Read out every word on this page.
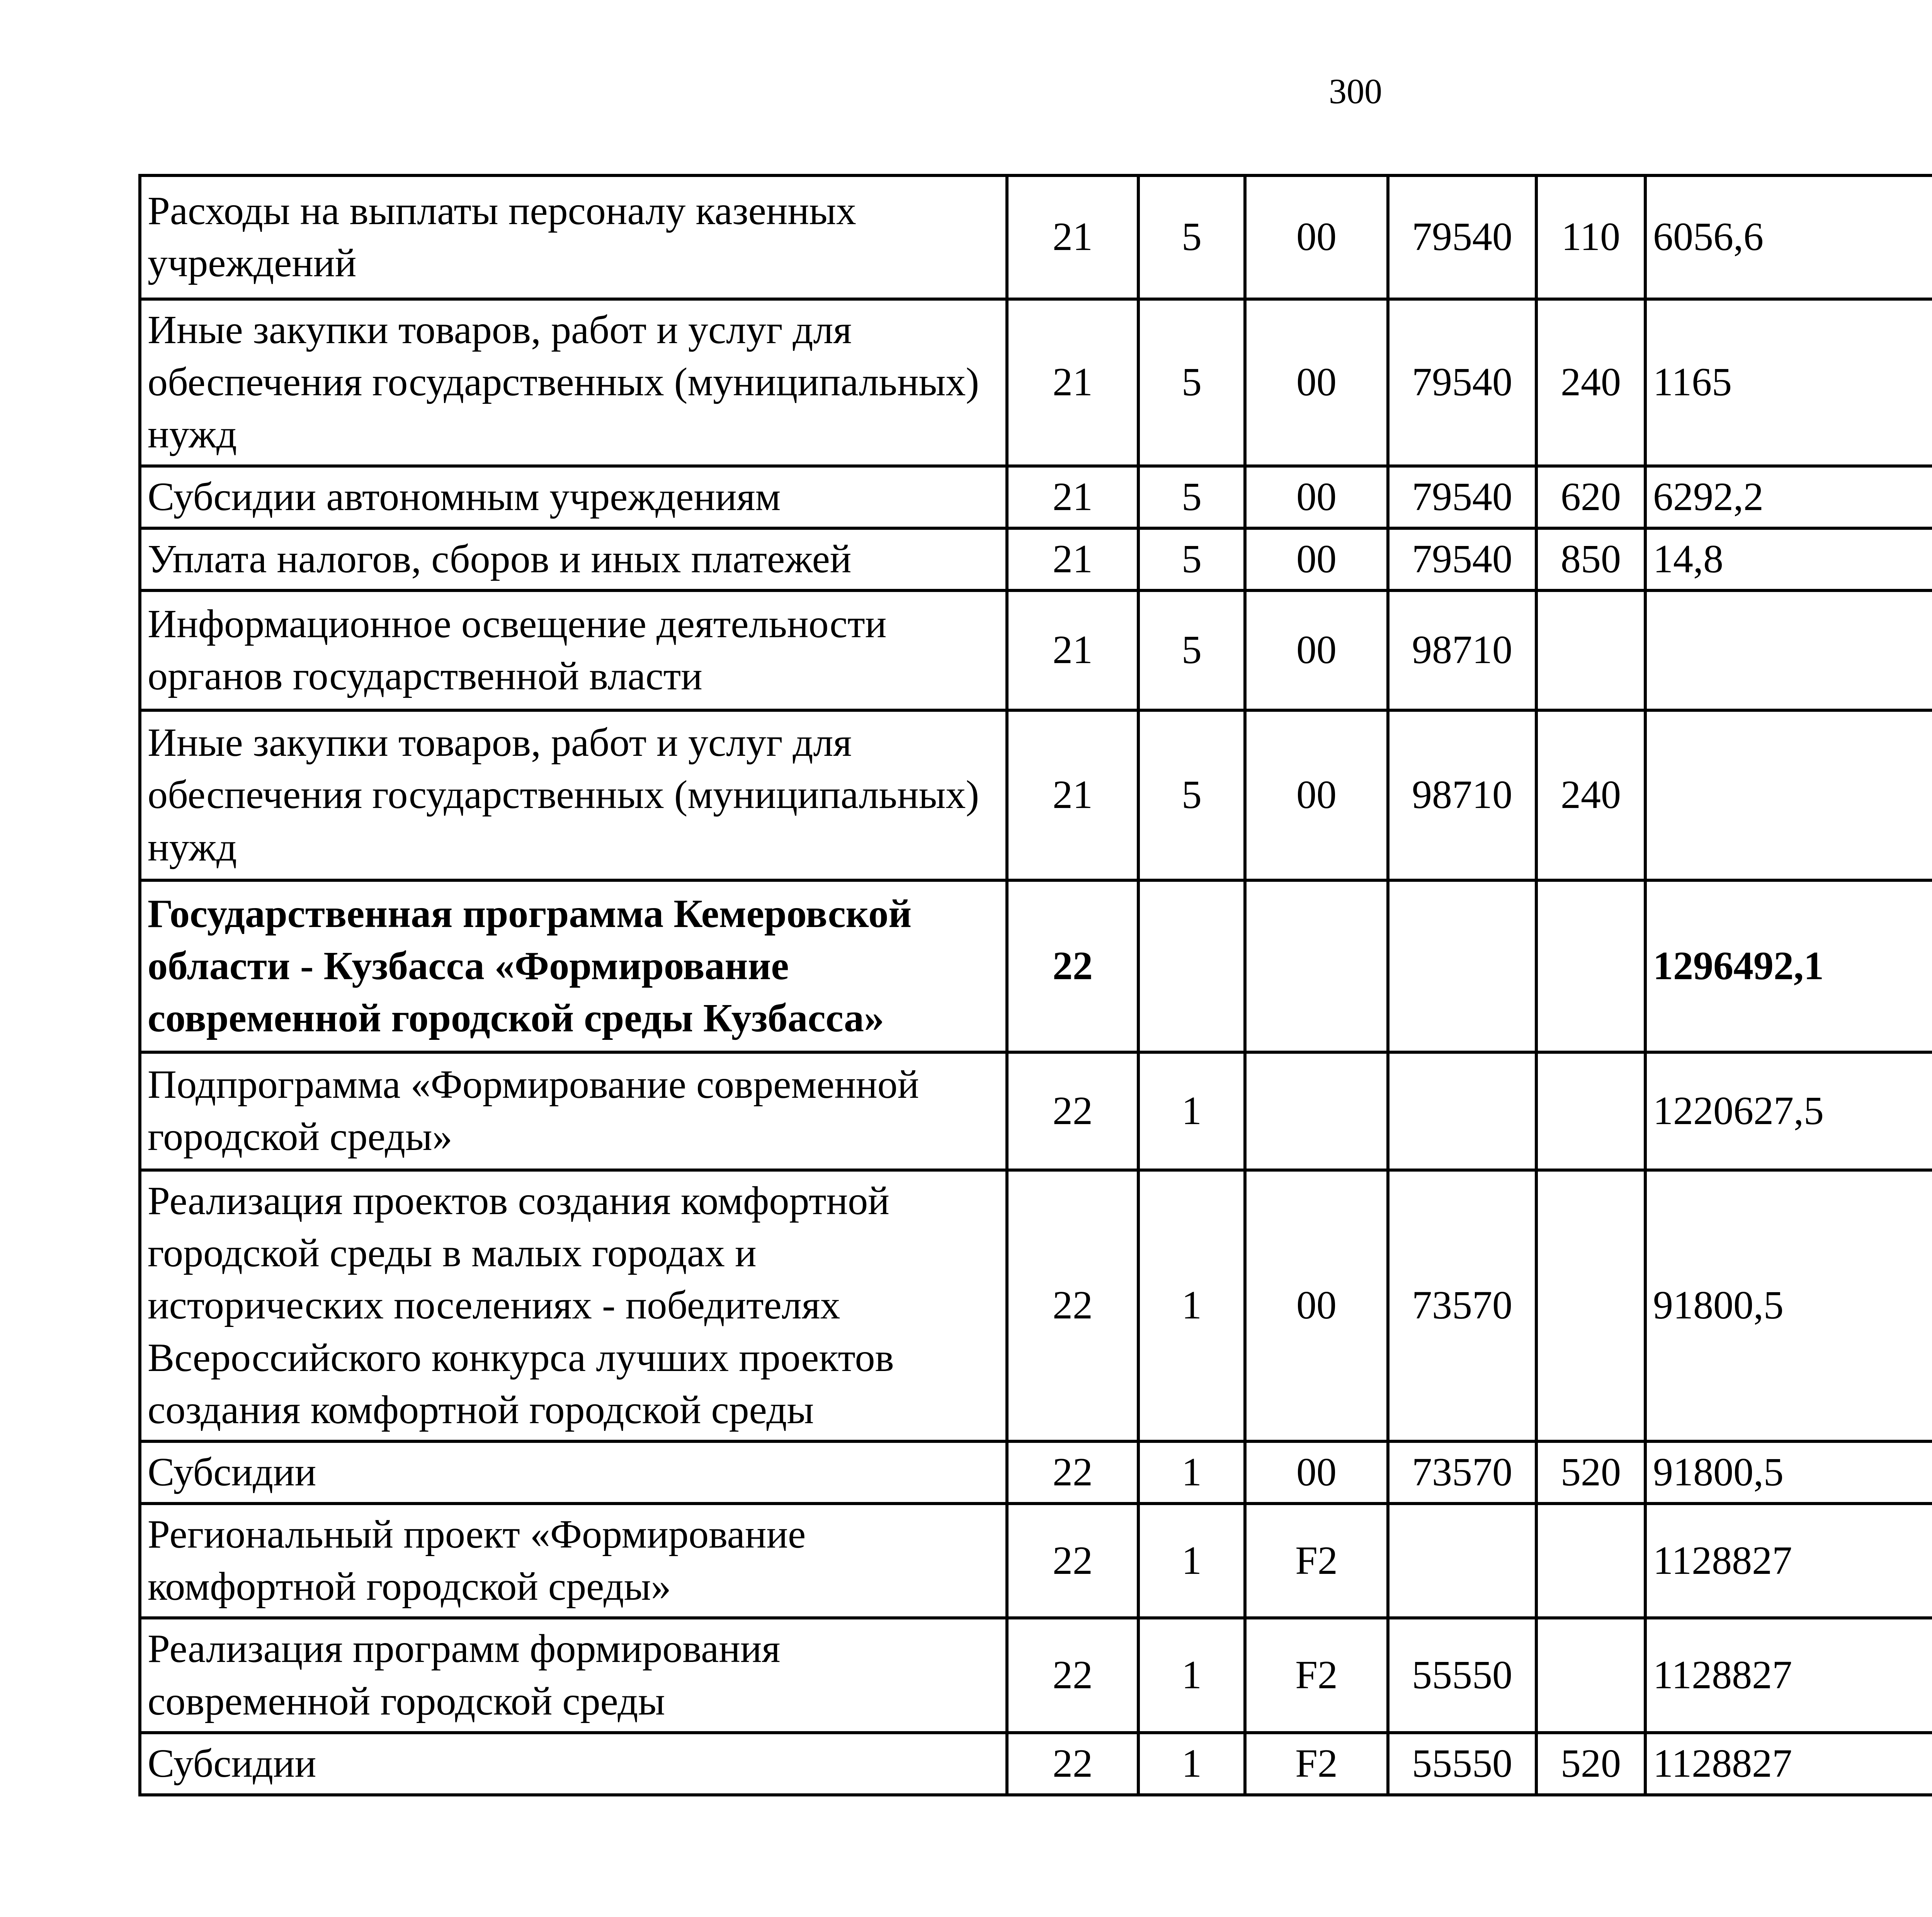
300
Расходы на выплаты персоналу казенных учреждений	21	5	00	79540	110	6056,6		
Иные закупки товаров, работ и услуг для обеспечения государственных (муниципальных) нужд	21	5	00	79540	240	1165		
Субсидии автономным учреждениям	21	5	00	79540	620	6292,2		
Уплата налогов, сборов и иных платежей	21	5	00	79540	850	14,8		
Информационное освещение деятельности органов государственной власти	21	5	00	98710				
Иные закупки товаров, работ и услуг для обеспечения государственных (муниципальных) нужд	21	5	00	98710	240			
Государственная программа Кемеровской области - Кузбасса «Формирование современной городской среды Кузбасса»	22					1296492,1		
Подпрограмма «Формирование современной городской среды»	22	1				1220627,5		
Реализация проектов создания комфортной городской среды в малых городах и исторических поселениях - победителях Всероссийского конкурса лучших проектов создания комфортной городской среды	22	1	00	73570		91800,5		
Субсидии	22	1	00	73570	520	91800,5		
Региональный проект «Формирование комфортной городской среды»	22	1	F2			1128827		
Реализация программ формирования современной городской среды	22	1	F2	55550		1128827		
Субсидии	22	1	F2	55550	520	1128827		
